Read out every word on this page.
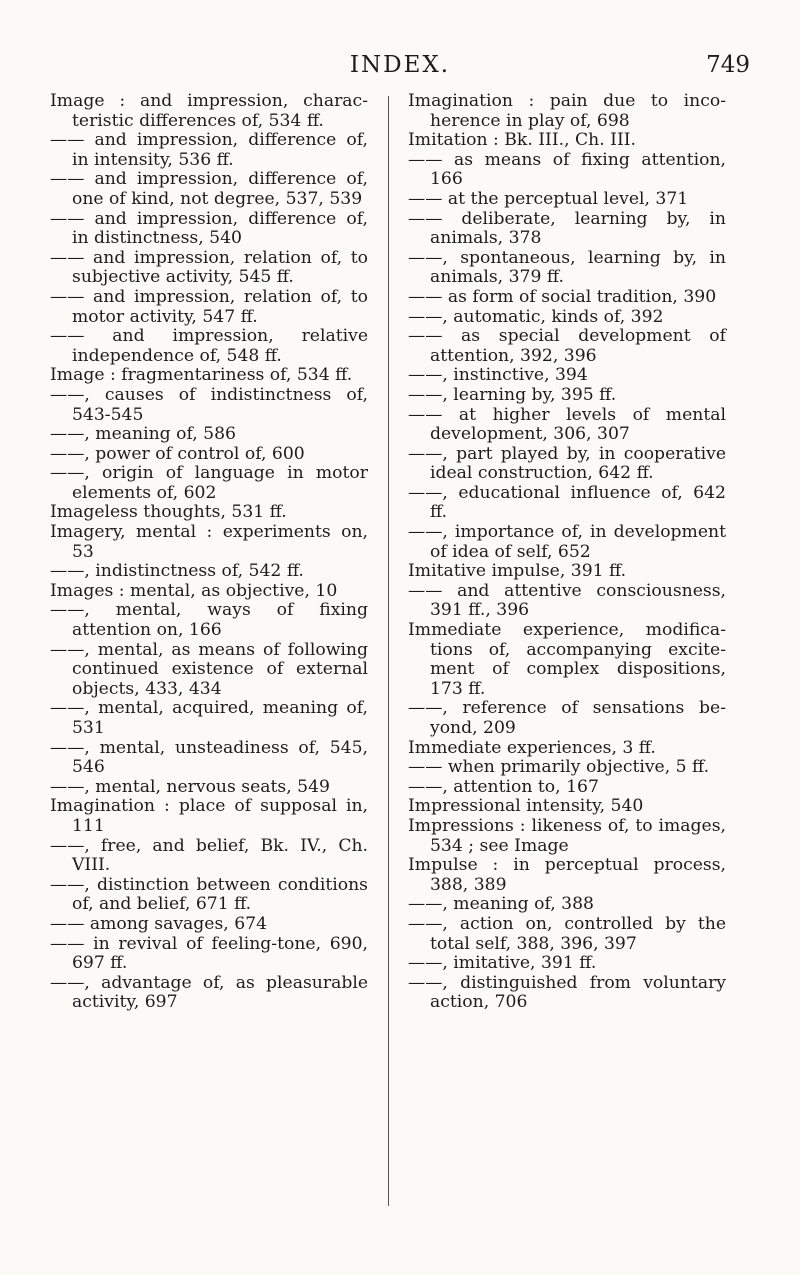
INDEX.	749

Image : and impression, characteristic differences of, 534 ff.

—— and impression, difference of, in intensity, 536 ff.

—— and impression, difference of, one of kind, not degree, 537, 539

—— and impression, difference of, in distinctness, 540

—— and impression, relation of, to subjective activity, 545 ff.

—— and impression, relation of, to motor activity, 547 ff.

—— and impression, relative independence of, 548 ff.

Image : fragmentariness of, 534 ff.

——, causes of indistinctness of, 543-545

——, meaning of, 586

——, power of control of, 600

——, origin of language in motor elements of, 602

Imageless thoughts, 531 ff.

Imagery, mental : experiments on, 53

——, indistinctness of, 542 ff.

Images : mental, as objective, 10

——, mental, ways of fixing attention on, 166

——, mental, as means of following continued existence of external objects, 433, 434

——, mental, acquired, meaning of, 531

——, mental, unsteadiness of, 545, 546

——, mental, nervous seats, 549

Imagination : place of supposal in, 111

——, free, and belief, Bk. IV., Ch. VIII.

——, distinction between conditions of, and belief, 671 ff.

—— among savages, 674

—— in revival of feeling-tone, 690, 697 ff.

——, advantage of, as pleasurable activity, 697

Imagination : pain due to incoherence in play of, 698

Imitation : Bk. III., Ch. III.

—— as means of fixing attention, 166

—— at the perceptual level, 371

—— deliberate, learning by, in animals, 378

——, spontaneous, learning by, in animals, 379 ff.

—— as form of social tradition, 390

——, automatic, kinds of, 392

—— as special development of attention, 392, 396

——, instinctive, 394

——, learning by, 395 ff.

—— at higher levels of mental development, 306, 307

——, part played by, in cooperative ideal construction, 642 ff.

——, educational influence of, 642 ff.

——, importance of, in development of idea of self, 652

Imitative impulse, 391 ff.

—— and attentive consciousness, 391 ff., 396

Immediate experience, modifications of, accompanying excitement of complex dispositions, 173 ff.

——, reference of sensations beyond, 209

Immediate experiences, 3 ff.

—— when primarily objective, 5 ff.

——, attention to, 167

Impressional intensity, 540

Impressions : likeness of, to images, 534 ; see Image

Impulse : in perceptual process, 388, 389

——, meaning of, 388

——, action on, controlled by the total self, 388, 396, 397

——, imitative, 391 ff.

——, distinguished from voluntary action, 706
